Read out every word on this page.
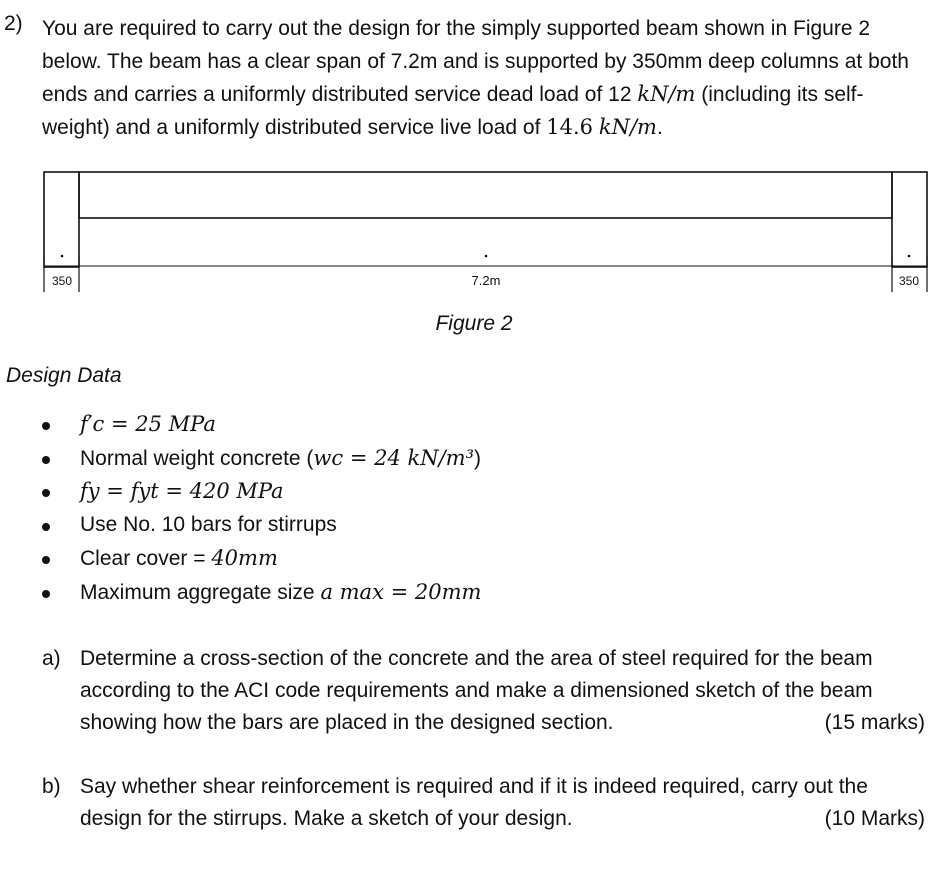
2) You are required to carry out the design for the simply supported beam shown in Figure 2 below. The beam has a clear span of 7.2m and is supported by 350mm deep columns at both ends and carries a uniformly distributed service dead load of 12 kN/m (including its self-weight) and a uniformly distributed service live load of 14.6 kN/m.
350	7.2m	350
Figure 2
Design Data
f′c = 25 MPa
Normal weight concrete (wc = 24 kN/m³)
fy = fyt = 420 MPa
Use No. 10 bars for stirrups
Clear cover = 40mm
Maximum aggregate size a max = 20mm
a) Determine a cross-section of the concrete and the area of steel required for the beam
according to the ACI code requirements and make a dimensioned sketch of the beam
showing how the bars are placed in the designed section.	(15 marks)
b) Say whether shear reinforcement is required and if it is indeed required, carry out the
design for the stirrups. Make a sketch of your design.	(10 Marks)
